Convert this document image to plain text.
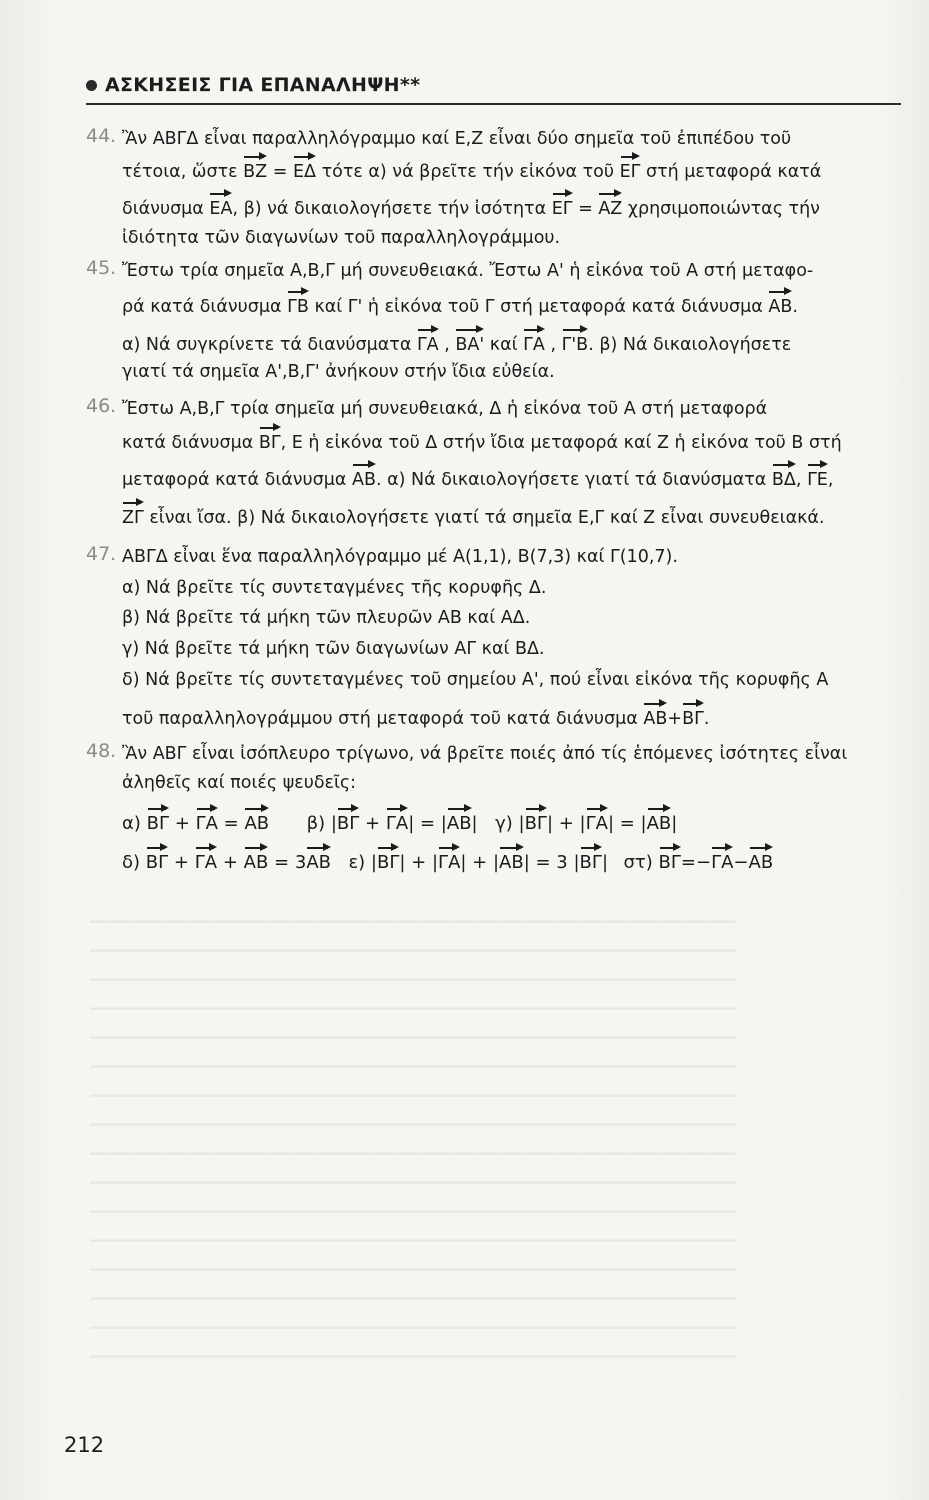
▁▁▁▁▁▁▁▁▁▁▁▁▁▁▁▁▁▁▁▁▁▁▁▁▁▁▁▁▁▁▁▁▁▁▁▁▁▁▁▁▁▁▁▁▁▁▁▁▁▁▁▁▁▁▁▁
▁▁▁▁▁▁▁▁▁▁▁▁▁▁▁▁▁▁▁▁▁▁▁▁▁▁▁▁▁▁▁▁▁▁▁▁▁▁▁▁▁▁▁▁▁▁▁▁▁▁▁▁▁▁▁▁
▁▁▁▁▁▁▁▁▁▁▁▁▁▁▁▁▁▁▁▁▁▁▁▁▁▁▁▁▁▁▁▁▁▁▁▁▁▁▁▁▁▁▁▁▁▁▁▁▁▁▁▁▁▁▁▁
▁▁▁▁▁▁▁▁▁▁▁▁▁▁▁▁▁▁▁▁▁▁▁▁▁▁▁▁▁▁▁▁▁▁▁▁▁▁▁▁▁▁▁▁▁▁▁▁▁▁▁▁▁▁▁▁
▁▁▁▁▁▁▁▁▁▁▁▁▁▁▁▁▁▁▁▁▁▁▁▁▁▁▁▁▁▁▁▁▁▁▁▁▁▁▁▁▁▁▁▁▁▁▁▁▁▁▁▁▁▁▁▁
▁▁▁▁▁▁▁▁▁▁▁▁▁▁▁▁▁▁▁▁▁▁▁▁▁▁▁▁▁▁▁▁▁▁▁▁▁▁▁▁▁▁▁▁▁▁▁▁▁▁▁▁▁▁▁▁
▁▁▁▁▁▁▁▁▁▁▁▁▁▁▁▁▁▁▁▁▁▁▁▁▁▁▁▁▁▁▁▁▁▁▁▁▁▁▁▁▁▁▁▁▁▁▁▁▁▁▁▁▁▁▁▁
▁▁▁▁▁▁▁▁▁▁▁▁▁▁▁▁▁▁▁▁▁▁▁▁▁▁▁▁▁▁▁▁▁▁▁▁▁▁▁▁▁▁▁▁▁▁▁▁▁▁▁▁▁▁▁▁
▁▁▁▁▁▁▁▁▁▁▁▁▁▁▁▁▁▁▁▁▁▁▁▁▁▁▁▁▁▁▁▁▁▁▁▁▁▁▁▁▁▁▁▁▁▁▁▁▁▁▁▁▁▁▁▁
▁▁▁▁▁▁▁▁▁▁▁▁▁▁▁▁▁▁▁▁▁▁▁▁▁▁▁▁▁▁▁▁▁▁▁▁▁▁▁▁▁▁▁▁▁▁▁▁▁▁▁▁▁▁▁▁
▁▁▁▁▁▁▁▁▁▁▁▁▁▁▁▁▁▁▁▁▁▁▁▁▁▁▁▁▁▁▁▁▁▁▁▁▁▁▁▁▁▁▁▁▁▁▁▁▁▁▁▁▁▁▁▁
▁▁▁▁▁▁▁▁▁▁▁▁▁▁▁▁▁▁▁▁▁▁▁▁▁▁▁▁▁▁▁▁▁▁▁▁▁▁▁▁▁▁▁▁▁▁▁▁▁▁▁▁▁▁▁▁
▁▁▁▁▁▁▁▁▁▁▁▁▁▁▁▁▁▁▁▁▁▁▁▁▁▁▁▁▁▁▁▁▁▁▁▁▁▁▁▁▁▁▁▁▁▁▁▁▁▁▁▁▁▁▁▁
▁▁▁▁▁▁▁▁▁▁▁▁▁▁▁▁▁▁▁▁▁▁▁▁▁▁▁▁▁▁▁▁▁▁▁▁▁▁▁▁▁▁▁▁▁▁▁▁▁▁▁▁▁▁▁▁
▁▁▁▁▁▁▁▁▁▁▁▁▁▁▁▁▁▁▁▁▁▁▁▁▁▁▁▁▁▁▁▁▁▁▁▁▁▁▁▁▁▁▁▁▁▁▁▁▁▁▁▁▁▁▁▁
▁▁▁▁▁▁▁▁▁▁▁▁▁▁▁▁▁▁▁▁▁▁▁▁▁▁▁▁▁▁▁▁▁▁▁▁▁▁▁▁▁▁▁▁▁▁▁▁▁▁▁▁▁▁▁▁
ΑΣΚΗΣΕΙΣ ΓΙΑ ΕΠΑΝΑΛΗΨΗ**
44. Ἂν ΑΒΓΔ εἶναι παραλληλόγραμμο καί Ε,Ζ εἶναι δύο σημεῖα τοῦ ἐπιπέδου τοῦ
τέτοια, ὥστε ΒΖ = ΕΔ τότε α) νά βρεῖτε τήν εἰκόνα τοῦ ΕΓ στή μεταφορά κατά
διάνυσμα ΕΑ, β) νά δικαιολογήσετε τήν ἰσότητα ΕΓ = ΑΖ χρησιμοποιώντας τήν
ἰδιότητα τῶν διαγωνίων τοῦ παραλληλογράμμου.
45. Ἔστω τρία σημεῖα Α,Β,Γ μή συνευθειακά. Ἔστω Α' ἡ εἰκόνα τοῦ Α στή μεταφο-
ρά κατά διάνυσμα ΓΒ καί Γ' ἡ εἰκόνα τοῦ Γ στή μεταφορά κατά διάνυσμα ΑΒ.
α) Νά συγκρίνετε τά διανύσματα ΓΑ , ΒΑ' καί ΓΑ , Γ'Β. β) Νά δικαιολογήσετε
γιατί τά σημεῖα Α',Β,Γ' ἀνήκουν στήν ἴδια εὐθεία.
46. Ἔστω Α,Β,Γ τρία σημεῖα μή συνευθειακά, Δ ἡ εἰκόνα τοῦ Α στή μεταφορά
κατά διάνυσμα ΒΓ, Ε ἡ εἰκόνα τοῦ Δ στήν ἴδια μεταφορά καί Ζ ἡ εἰκόνα τοῦ Β στή
μεταφορά κατά διάνυσμα ΑΒ. α) Νά δικαιολογήσετε γιατί τά διανύσματα ΒΔ, ΓΕ,
ΖΓ εἶναι ἴσα. β) Νά δικαιολογήσετε γιατί τά σημεῖα Ε,Γ καί Ζ εἶναι συνευθειακά.
47. ΑΒΓΔ εἶναι ἕνα παραλληλόγραμμο μέ Α(1,1), Β(7,3) καί Γ(10,7).
α) Νά βρεῖτε τίς συντεταγμένες τῆς κορυφῆς Δ.
β) Νά βρεῖτε τά μήκη τῶν πλευρῶν ΑΒ καί ΑΔ.
γ) Νά βρεῖτε τά μήκη τῶν διαγωνίων ΑΓ καί ΒΔ.
δ) Νά βρεῖτε τίς συντεταγμένες τοῦ σημείου Α', πού εἶναι εἰκόνα τῆς κορυφῆς Α
τοῦ παραλληλογράμμου στή μεταφορά τοῦ κατά διάνυσμα ΑΒ+ΒΓ.
48. Ἂν ΑΒΓ εἶναι ἰσόπλευρο τρίγωνο, νά βρεῖτε ποιές ἀπό τίς ἑπόμενες ἰσότητες εἶναι
ἀληθεῖς καί ποιές ψευδεῖς:
α) ΒΓ + ΓΑ = ΑΒ β) |ΒΓ + ΓΑ| = |ΑΒ| γ) |ΒΓ| + |ΓΑ| = |ΑΒ|
δ) ΒΓ + ΓΑ + ΑΒ = 3ΑΒ ε) |ΒΓ| + |ΓΑ| + |ΑΒ| = 3 |ΒΓ| στ) ΒΓ=−ΓΑ−ΑΒ
212
